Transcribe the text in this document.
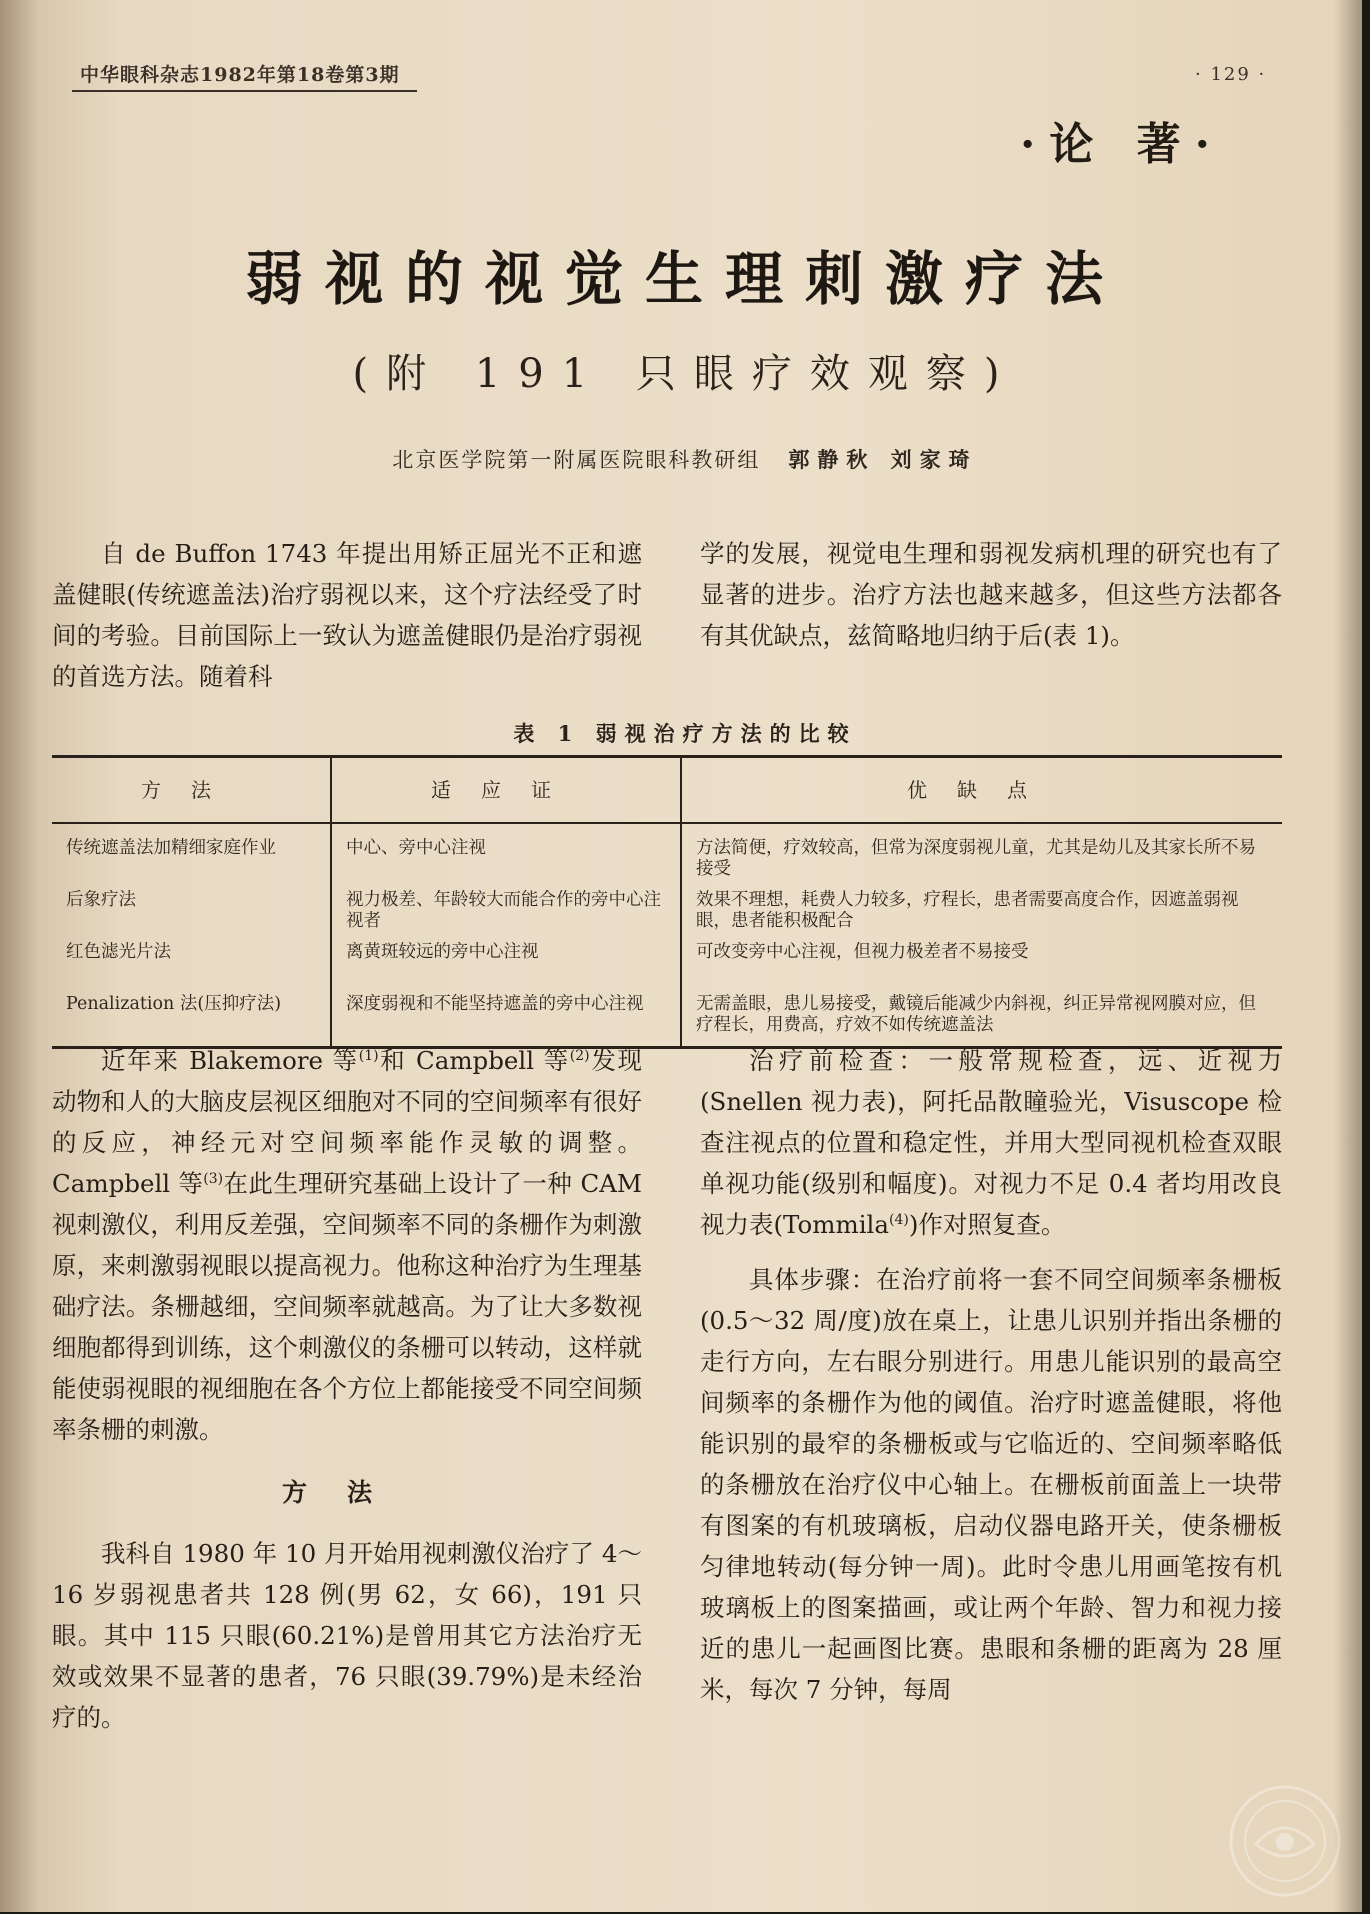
中华眼科杂志1982年第18卷第3期	· 129 ·
·论 著·
弱视的视觉生理刺激疗法
(附 191 只眼疗效观察)
北京医学院第一附属医院眼科教研组 郭静秋 刘家琦

自 de Buffon 1743 年提出用矫正屈光不正和遮盖健眼(传统遮盖法)治疗弱视以来，这个疗法经受了时间的考验。目前国际上一致认为遮盖健眼仍是治疗弱视的首选方法。随着科

学的发展，视觉电生理和弱视发病机理的研究也有了显著的进步。治疗方法也越来越多，但这些方法都各有其优缺点，兹简略地归纳于后(表 1)。

表 1 弱视治疗方法的比较
方法	适应证	优缺点
传统遮盖法加精细家庭作业	中心、旁中心注视	方法简便，疗效较高，但常为深度弱视儿童，尤其是幼儿及其家长所不易接受
后象疗法	视力极差、年龄较大而能合作的旁中心注视者	效果不理想，耗费人力较多，疗程长，患者需要高度合作，因遮盖弱视眼，患者能积极配合
红色滤光片法	离黄斑较远的旁中心注视	可改变旁中心注视，但视力极差者不易接受
Penalization 法(压抑疗法)	深度弱视和不能坚持遮盖的旁中心注视	无需盖眼，患儿易接受，戴镜后能减少内斜视，纠正异常视网膜对应，但疗程长，用费高，疗效不如传统遮盖法

近年来 Blakemore 等$^{(1)}$和 Campbell 等$^{(2)}$发现动物和人的大脑皮层视区细胞对不同的空间频率有很好的反应，神经元对空间频率能作灵敏的调整。Campbell 等$^{(3)}$在此生理研究基础上设计了一种 CAM 视刺激仪，利用反差强，空间频率不同的条栅作为刺激原，来刺激弱视眼以提高视力。他称这种治疗为生理基础疗法。条栅越细，空间频率就越高。为了让大多数视细胞都得到训练，这个刺激仪的条栅可以转动，这样就能使弱视眼的视细胞在各个方位上都能接受不同空间频率条栅的刺激。

方法

我科自 1980 年 10 月开始用视刺激仪治疗了 4～16 岁弱视患者共 128 例(男 62，女 66)，191 只眼。其中 115 只眼(60.21%)是曾用其它方法治疗无效或效果不显著的患者，76 只眼(39.79%)是未经治疗的。

治疗前检查：一般常规检查，远、近视力(Snellen 视力表)，阿托品散瞳验光，Visuscope 检查注视点的位置和稳定性，并用大型同视机检查双眼单视功能(级别和幅度)。对视力不足 0.4 者均用改良视力表(Tommila$^{(4)}$)作对照复查。

具体步骤：在治疗前将一套不同空间频率条栅板(0.5～32 周/度)放在桌上，让患儿识别并指出条栅的走行方向，左右眼分别进行。用患儿能识别的最高空间频率的条栅作为他的阈值。治疗时遮盖健眼，将他能识别的最窄的条栅板或与它临近的、空间频率略低的条栅放在治疗仪中心轴上。在栅板前面盖上一块带有图案的有机玻璃板，启动仪器电路开关，使条栅板匀律地转动(每分钟一周)。此时令患儿用画笔按有机玻璃板上的图案描画，或让两个年龄、智力和视力接近的患儿一起画图比赛。患眼和条栅的距离为 28 厘米，每次 7 分钟，每周
